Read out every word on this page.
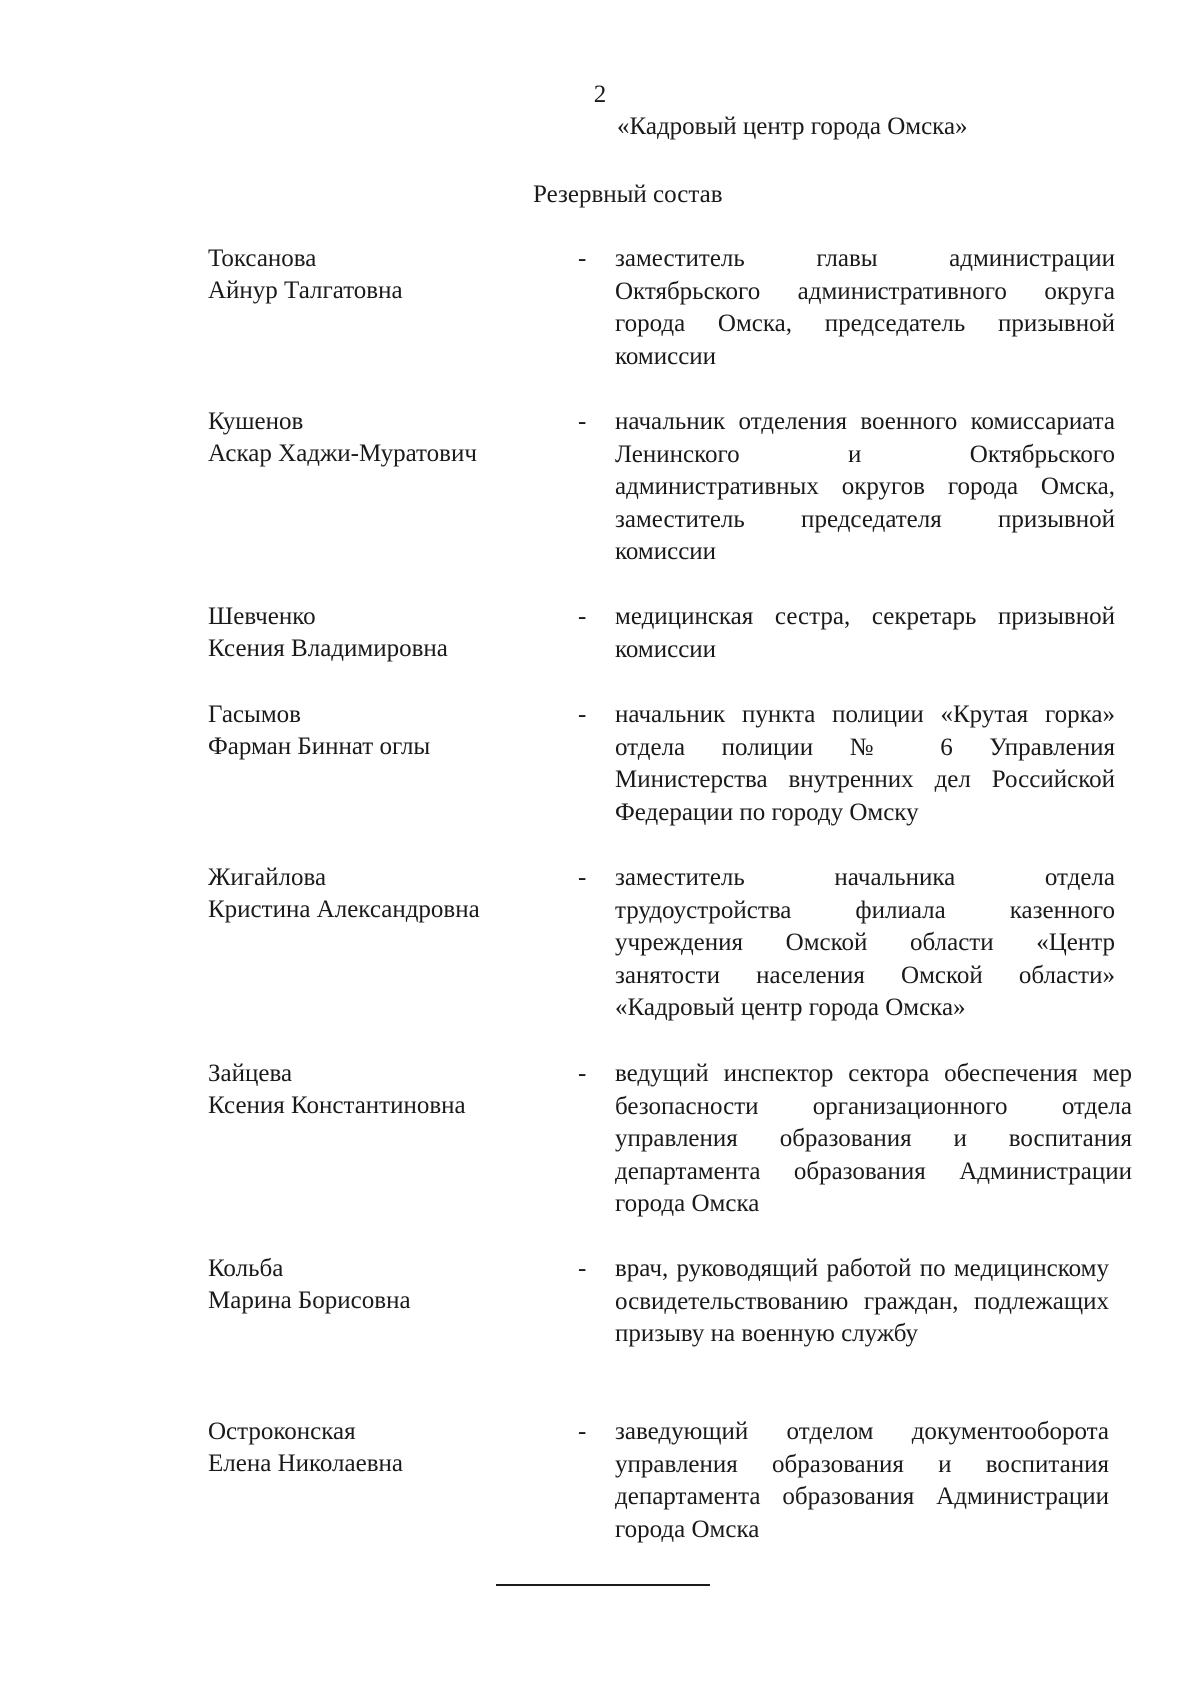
2
«Кадровый центр города Омска»
Резервный состав
Токсанова
Айнур Талгатовна
- заместитель главы администрации Октябрьского административного округа города Омска, председатель призывной комиссии
Кушенов
Аскар Хаджи-Муратович
- начальник отделения военного комиссариата Ленинского и Октябрьского административных округов города Омска, заместитель председателя призывной комиссии
Шевченко
Ксения Владимировна
- медицинская сестра, секретарь призывной комиссии
Гасымов
Фарман Биннат оглы
- начальник пункта полиции «Крутая горка» отдела полиции № 6 Управления Министерства внутренних дел Российской Федерации по городу Омску
Жигайлова
Кристина Александровна
- заместитель начальника отдела трудоустройства филиала казенного учреждения Омской области «Центр занятости населения Омской области» «Кадровый центр города Омска»
Зайцева
Ксения Константиновна
- ведущий инспектор сектора обеспечения мер безопасности организационного отдела управления образования и воспитания департамента образования Администрации города Омска
Кольба
Марина Борисовна
- врач, руководящий работой по медицинскому освидетельствованию граждан, подлежащих призыву на военную службу
Остроконская
Елена Николаевна
- заведующий отделом документооборота управления образования и воспитания департамента образования Администрации города Омска
